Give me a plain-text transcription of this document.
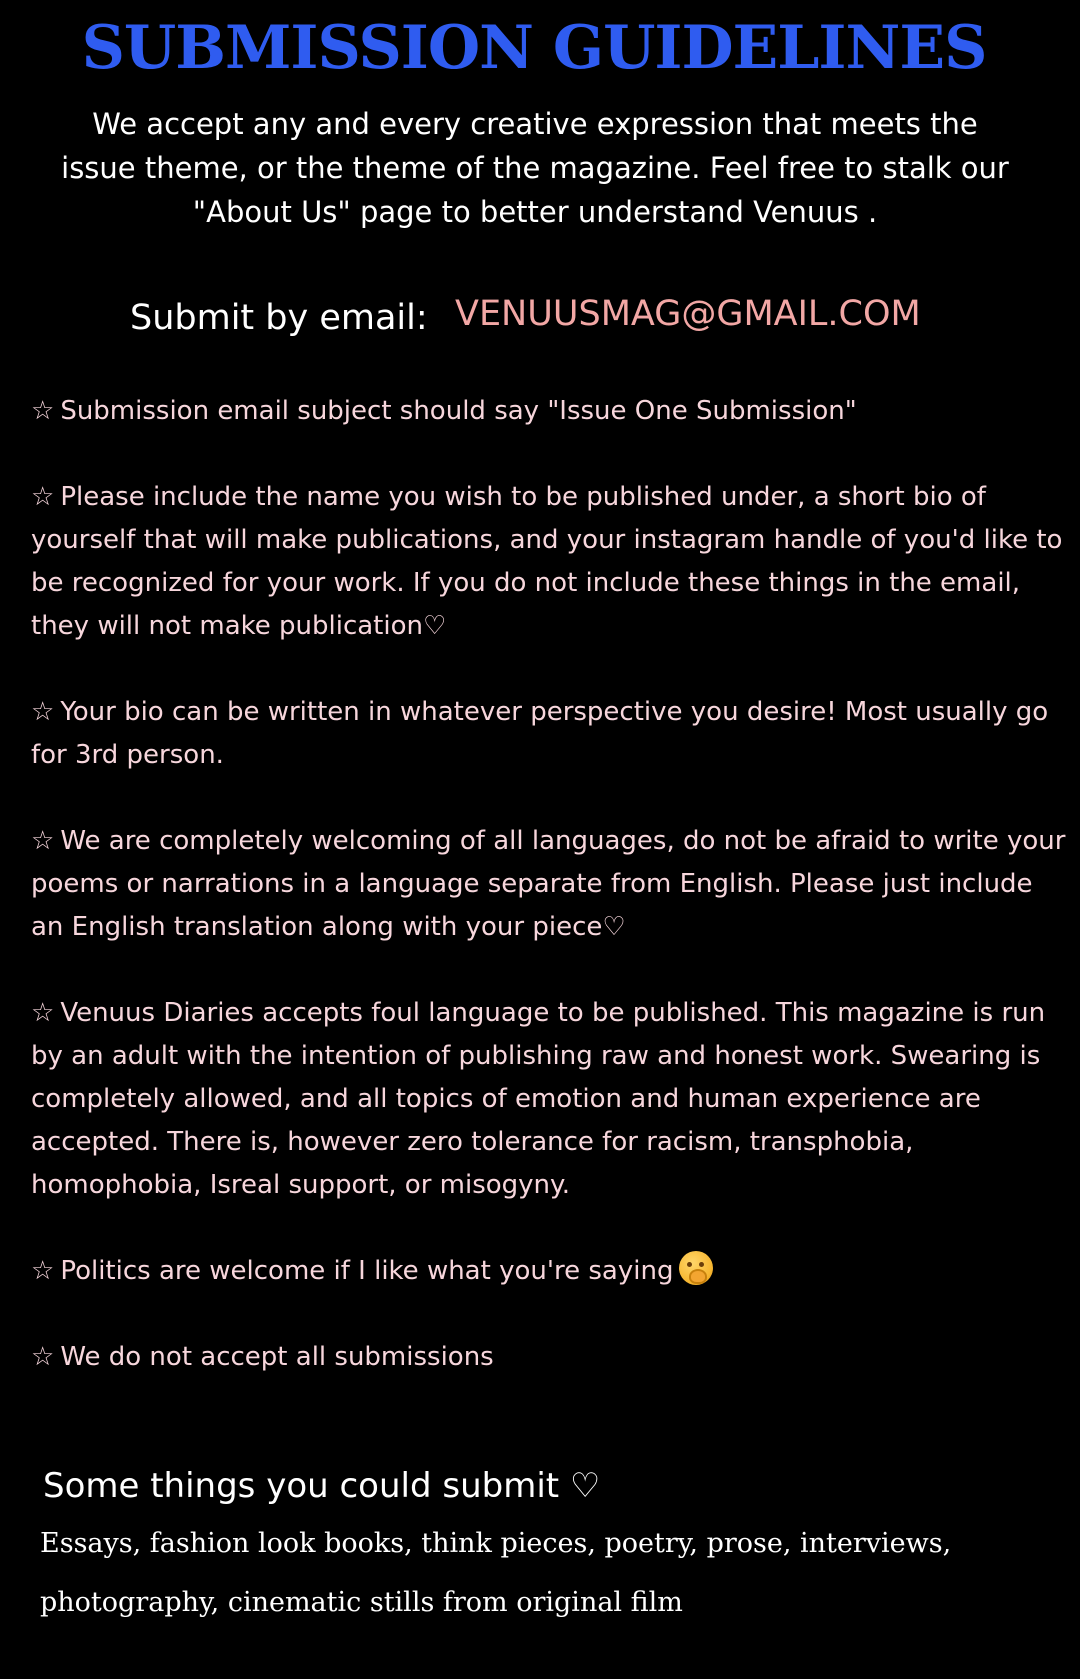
SUBMISSION GUIDELINES
We accept any and every creative expression that meets the issue theme, or the theme of the magazine. Feel free to stalk our "About Us" page to better understand Venuus .
Submit by email: VENUUSMAG@GMAIL.COM
☆ Submission email subject should say "Issue One Submission"
☆ Please include the name you wish to be published under, a short bio of yourself that will make publications, and your instagram handle of you'd like to be recognized for your work. If you do not include these things in the email, they will not make publication♡
☆ Your bio can be written in whatever perspective you desire! Most usually go for 3rd person.
☆ We are completely welcoming of all languages, do not be afraid to write your poems or narrations in a language separate from English. Please just include an English translation along with your piece♡
☆ Venuus Diaries accepts foul language to be published. This magazine is run by an adult with the intention of publishing raw and honest work. Swearing is completely allowed, and all topics of emotion and human experience are accepted. There is, however zero tolerance for racism, transphobia, homophobia, Isreal support, or misogyny.
☆ Politics are welcome if I like what you're saying
☆ We do not accept all submissions
Some things you could submit ♡
Essays, fashion look books, think pieces, poetry, prose, interviews, photography, cinematic stills from original film
